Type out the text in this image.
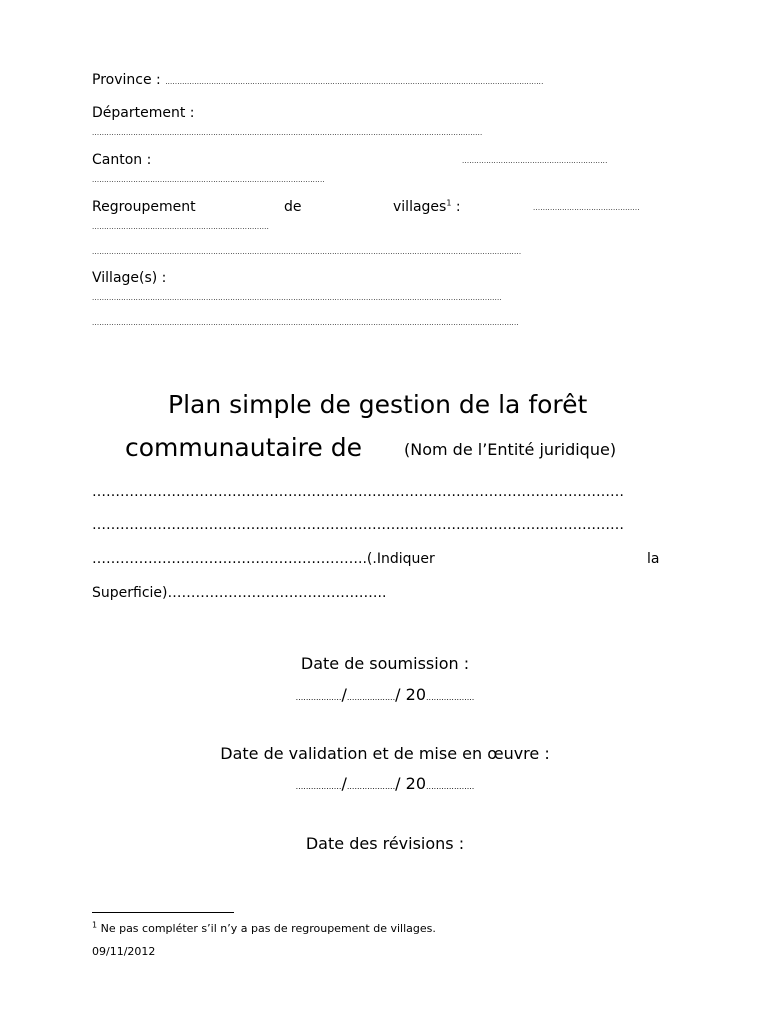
Province : ............................................................................................................................................................
Département :
.................................................................................................................................................................
Canton :	............................................................
................................................................................................
Regroupement	de	villages$^1$ :	............................................
.........................................................................
.................................................................................................................................................................................
Village(s) :
.........................................................................................................................................................................
................................................................................................................................................................................
Plan simple de gestion de la forêt
communautaire de	(Nom de l’Entité juridique)
……………………………………………………………………………………………………
……………………………………………………………………………………………………
…………………………………………………..(.Indiquer	la
Superficie)………………………………………..
Date de soumission :
................../.................../ 20...................
Date de validation et de mise en œuvre :
................../.................../ 20...................
Date des révisions :
$^1$ Ne pas compléter s’il n’y a pas de regroupement de villages.
09/11/2012
